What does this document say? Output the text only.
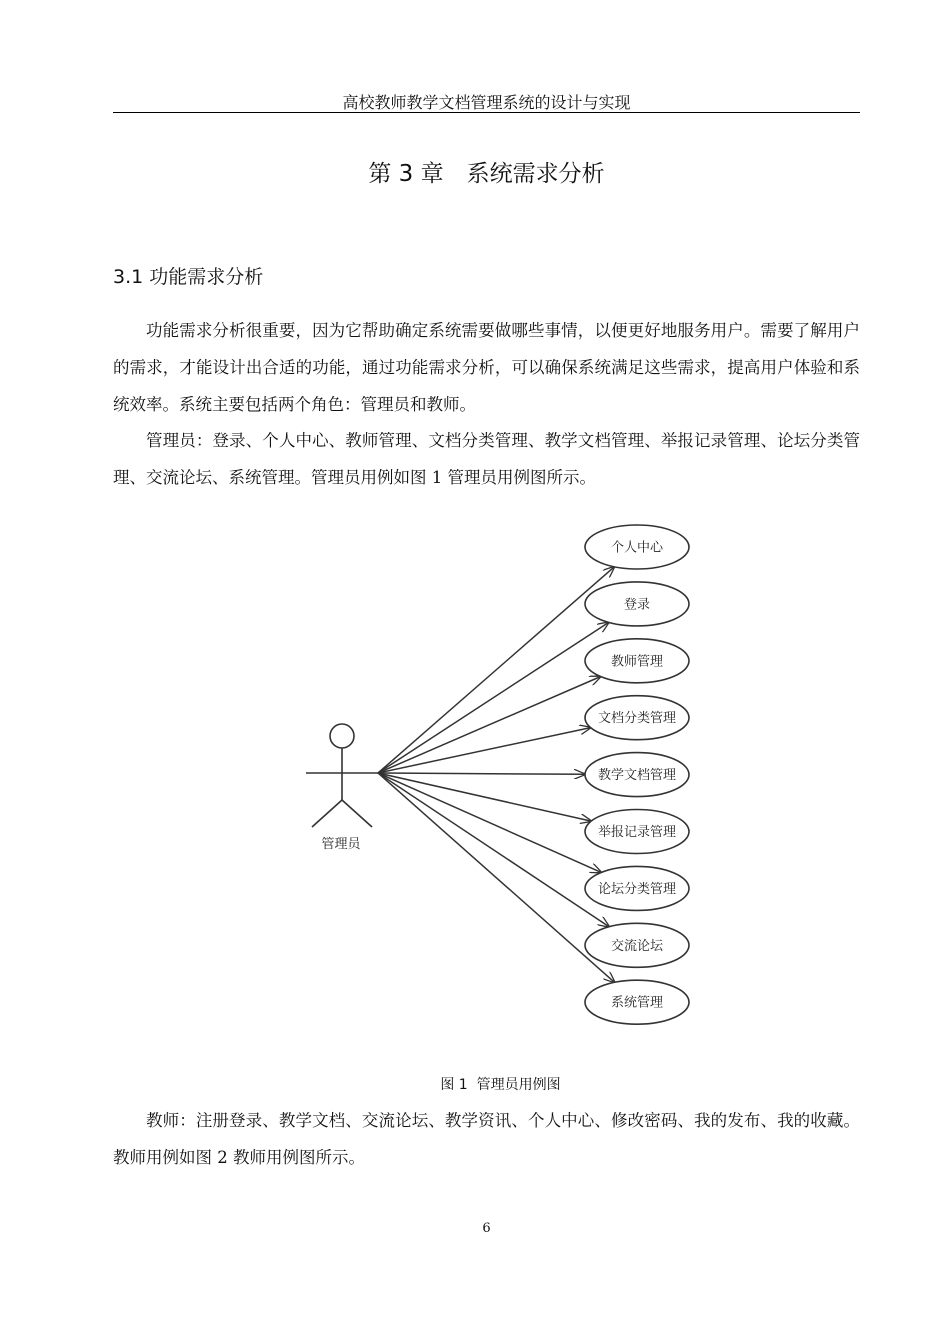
高校教师教学文档管理系统的设计与实现
第 3 章　系统需求分析
3.1 功能需求分析

功能需求分析很重要，因为它帮助确定系统需要做哪些事情，以便更好地服务用户。需要了解用户的需求，才能设计出合适的功能，通过功能需求分析，可以确保系统满足这些需求，提高用户体验和系统效率。系统主要包括两个角色：管理员和教师。

管理员：登录、个人中心、教师管理、文档分类管理、教学文档管理、举报记录管理、论坛分类管理、交流论坛、系统管理。管理员用例如图 1 管理员用例图所示。

管理员
个人中心
登录
教师管理
文档分类管理
教学文档管理
举报记录管理
论坛分类管理
交流论坛
系统管理
图 1  管理员用例图

教师：注册登录、教学文档、交流论坛、教学资讯、个人中心、修改密码、我的发布、我的收藏。教师用例如图 2 教师用例图所示。

6
